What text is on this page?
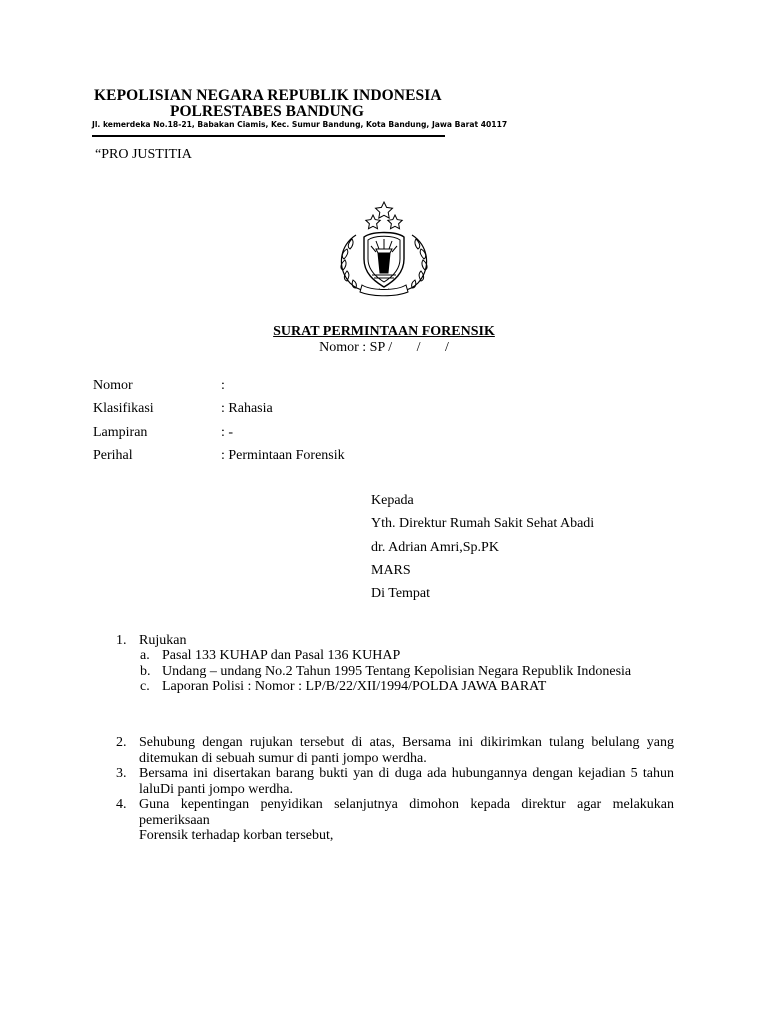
KEPOLISIAN NEGARA REPUBLIK INDONESIA
POLRESTABES BANDUNG
Jl. kemerdeka No.18-21, Babakan Ciamis, Kec. Sumur Bandung, Kota Bandung, Jawa Barat 40117
“PRO JUSTITIA
SURAT PERMINTAAN FORENSIK
Nomor : SP /       /       /
Nomor	:
Klasifikasi	: Rahasia
Lampiran	: -
Perihal	: Permintaan Forensik
Kepada
Yth. Direktur Rumah Sakit Sehat Abadi
dr. Adrian Amri,Sp.PK
MARS
Di Tempat
1. Rujukan
a. Pasal 133 KUHAP dan Pasal 136 KUHAP
b. Undang – undang No.2 Tahun 1995 Tentang Kepolisian Negara Republik Indonesia
c. Laporan Polisi : Nomor : LP/B/22/XII/1994/POLDA JAWA BARAT
2. Sehubung dengan rujukan tersebut di atas, Bersama ini dikirimkan tulang belulang yang ditemukan di sebuah sumur di panti jompo werdha.
3. Bersama ini disertakan barang bukti yan di duga ada hubungannya dengan kejadian 5 tahun laluDi panti jompo werdha.
4. Guna kepentingan penyidikan selanjutnya dimohon kepada direktur agar melakukan pemeriksaan
Forensik terhadap korban tersebut,
